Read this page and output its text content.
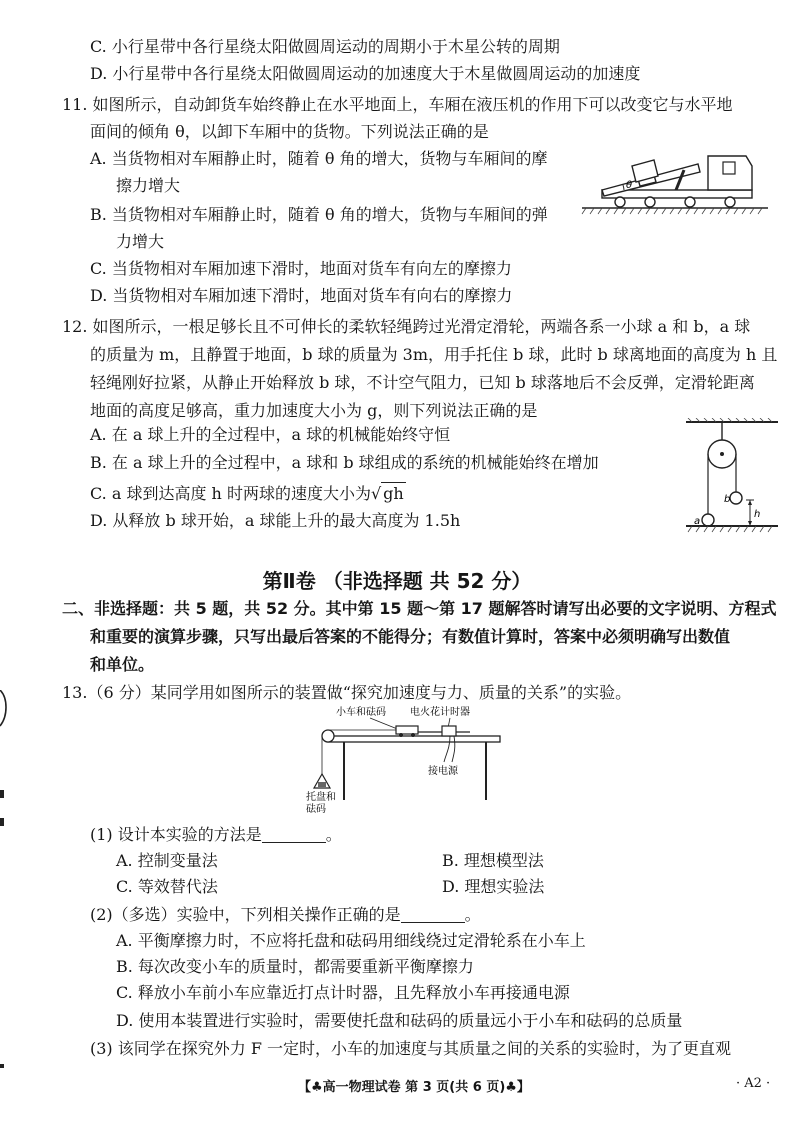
C. 小行星带中各行星绕太阳做圆周运动的周期小于木星公转的周期
D. 小行星带中各行星绕太阳做圆周运动的加速度大于木星做圆周运动的加速度
11. 如图所示，自动卸货车始终静止在水平地面上，车厢在液压机的作用下可以改变它与水平地
面间的倾角 θ，以卸下车厢中的货物。下列说法正确的是
A. 当货物相对车厢静止时，随着 θ 角的增大，货物与车厢间的摩
擦力增大
B. 当货物相对车厢静止时，随着 θ 角的增大，货物与车厢间的弹
力增大
C. 当货物相对车厢加速下滑时，地面对货车有向左的摩擦力
D. 当货物相对车厢加速下滑时，地面对货车有向右的摩擦力
θ
12. 如图所示，一根足够长且不可伸长的柔软轻绳跨过光滑定滑轮，两端各系一小球 a 和 b，a 球
的质量为 m，且静置于地面，b 球的质量为 3m，用手托住 b 球，此时 b 球离地面的高度为 h 且
轻绳刚好拉紧，从静止开始释放 b 球，不计空气阻力，已知 b 球落地后不会反弹，定滑轮距离
地面的高度足够高，重力加速度大小为 g，则下列说法正确的是
A. 在 a 球上升的全过程中，a 球的机械能始终守恒
B. 在 a 球上升的全过程中，a 球和 b 球组成的系统的机械能始终在增加
C. a 球到达高度 h 时两球的速度大小为√ gh
D. 从释放 b 球开始，a 球能上升的最大高度为 1.5h
b
a
h
第Ⅱ卷 （非选择题 共 52 分）
二、非选择题：共 5 题，共 52 分。其中第 15 题～第 17 题解答时请写出必要的文字说明、方程式
和重要的演算步骤，只写出最后答案的不能得分；有数值计算时，答案中必须明确写出数值
和单位。
13.（6 分）某同学用如图所示的装置做“探究加速度与力、质量的关系”的实验。
小车和砝码 电火花计时器
接电源
托盘和
砝码
(1) 设计本实验的方法是	。
A. 控制变量法	B. 理想模型法
C. 等效替代法	D. 理想实验法
(2)（多选）实验中，下列相关操作正确的是	。
A. 平衡摩擦力时，不应将托盘和砝码用细线绕过定滑轮系在小车上
B. 每次改变小车的质量时，都需要重新平衡摩擦力
C. 释放小车前小车应靠近打点计时器，且先释放小车再接通电源
D. 使用本装置进行实验时，需要使托盘和砝码的质量远小于小车和砝码的总质量
(3) 该同学在探究外力 F 一定时，小车的加速度与其质量之间的关系的实验时，为了更直观
【♣高一物理试卷 第 3 页(共 6 页)♣】	· A2 ·
